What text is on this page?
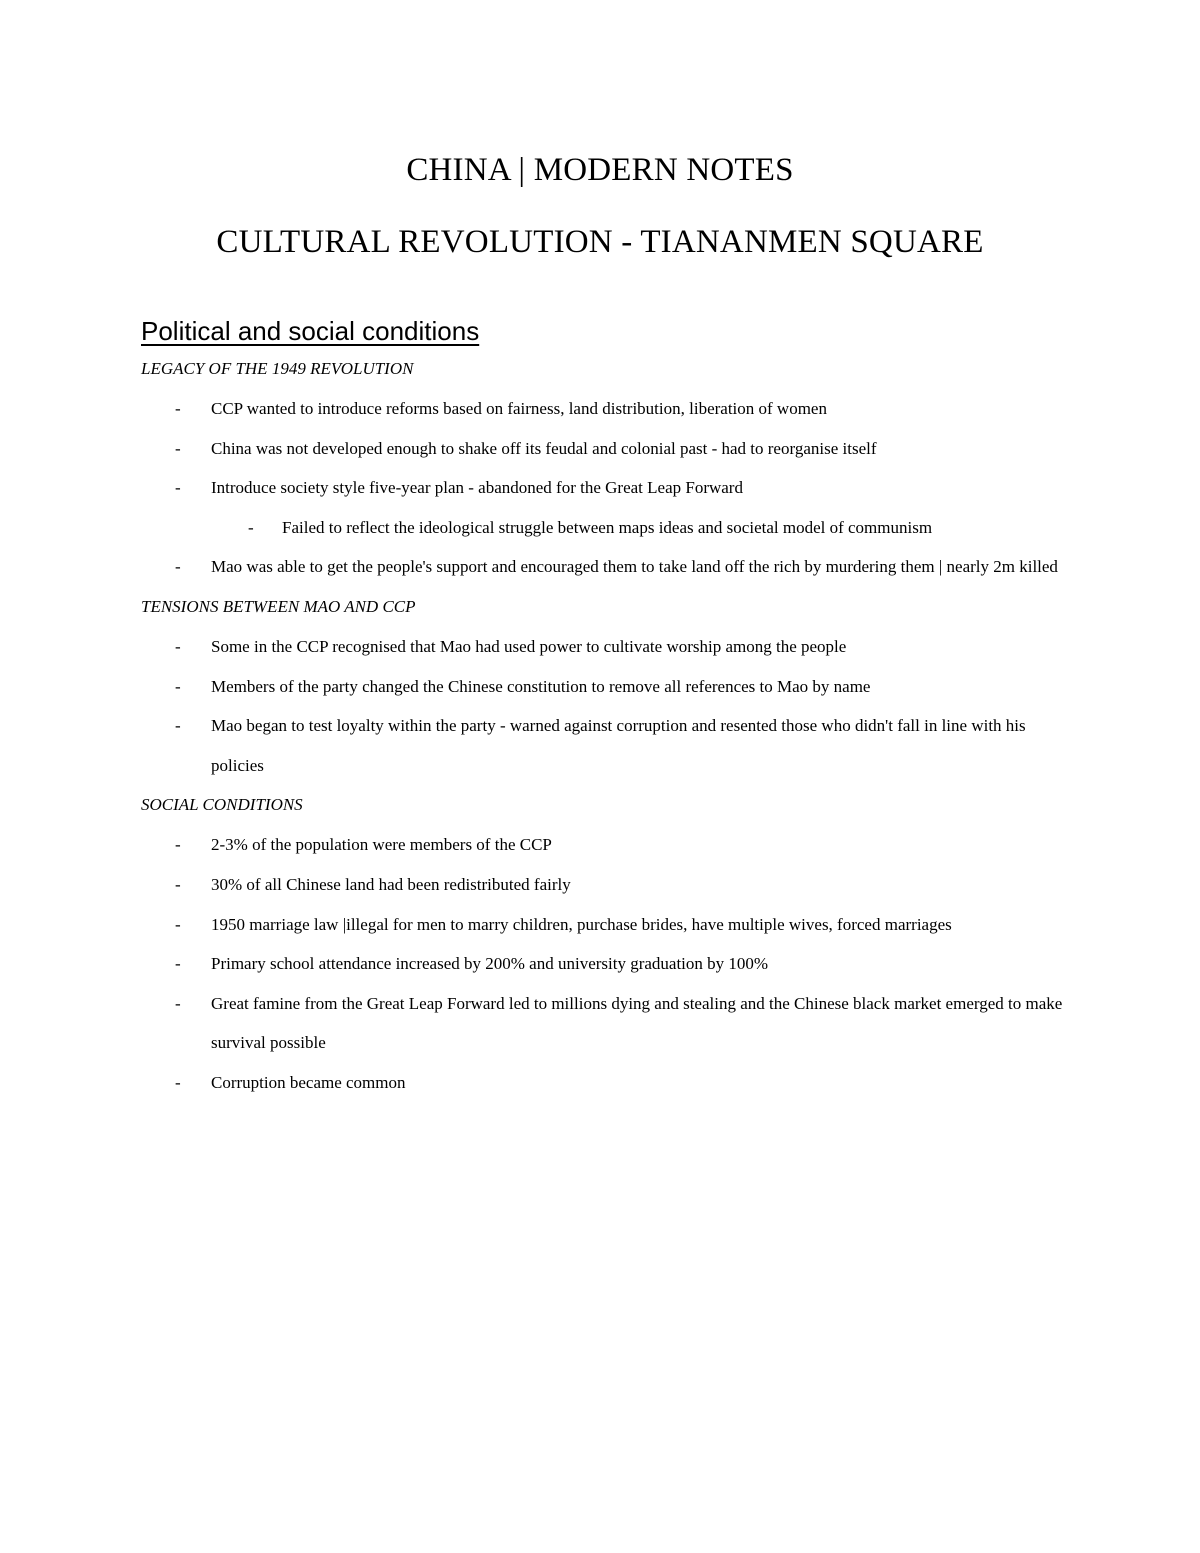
CHINA | MODERN NOTES
CULTURAL REVOLUTION - TIANANMEN SQUARE
Political and social conditions
LEGACY OF THE 1949 REVOLUTION
- CCP wanted to introduce reforms based on fairness, land distribution, liberation of women
- China was not developed enough to shake off its feudal and colonial past - had to reorganise itself
- Introduce society style five-year plan - abandoned for the Great Leap Forward
- Failed to reflect the ideological struggle between maps ideas and societal model of communism
- Mao was able to get the people's support and encouraged them to take land off the rich by murdering them | nearly 2m killed
TENSIONS BETWEEN MAO AND CCP
- Some in the CCP recognised that Mao had used power to cultivate worship among the people
- Members of the party changed the Chinese constitution to remove all references to Mao by name
- Mao began to test loyalty within the party - warned against corruption and resented those who didn't fall in line with his policies
SOCIAL CONDITIONS
- 2-3% of the population were members of the CCP
- 30% of all Chinese land had been redistributed fairly
- 1950 marriage law |illegal for men to marry children, purchase brides, have multiple wives, forced marriages
- Primary school attendance increased by 200% and university graduation by 100%
- Great famine from the Great Leap Forward led to millions dying and stealing and the Chinese black market emerged to make survival possible
- Corruption became common
